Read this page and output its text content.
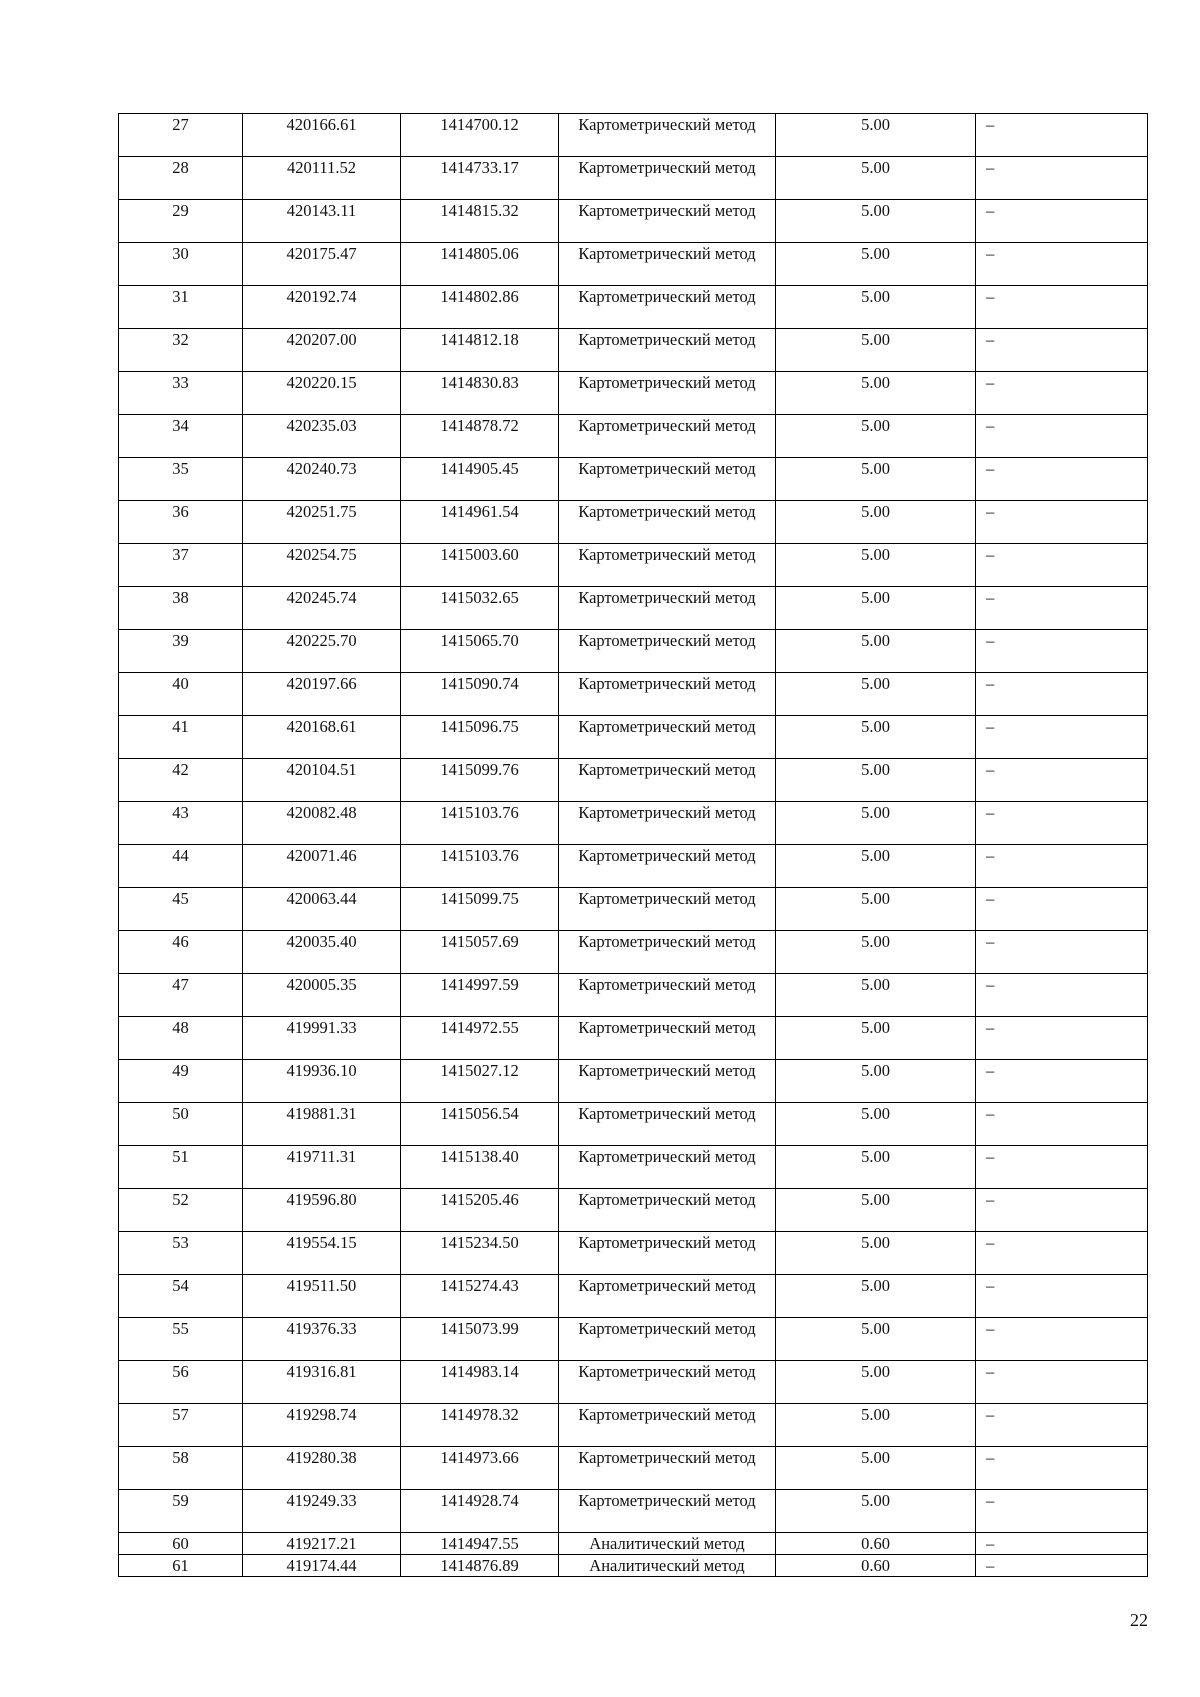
27	420166.61	1414700.12	Картометрический метод	5.00	–
28	420111.52	1414733.17	Картометрический метод	5.00	–
29	420143.11	1414815.32	Картометрический метод	5.00	–
30	420175.47	1414805.06	Картометрический метод	5.00	–
31	420192.74	1414802.86	Картометрический метод	5.00	–
32	420207.00	1414812.18	Картометрический метод	5.00	–
33	420220.15	1414830.83	Картометрический метод	5.00	–
34	420235.03	1414878.72	Картометрический метод	5.00	–
35	420240.73	1414905.45	Картометрический метод	5.00	–
36	420251.75	1414961.54	Картометрический метод	5.00	–
37	420254.75	1415003.60	Картометрический метод	5.00	–
38	420245.74	1415032.65	Картометрический метод	5.00	–
39	420225.70	1415065.70	Картометрический метод	5.00	–
40	420197.66	1415090.74	Картометрический метод	5.00	–
41	420168.61	1415096.75	Картометрический метод	5.00	–
42	420104.51	1415099.76	Картометрический метод	5.00	–
43	420082.48	1415103.76	Картометрический метод	5.00	–
44	420071.46	1415103.76	Картометрический метод	5.00	–
45	420063.44	1415099.75	Картометрический метод	5.00	–
46	420035.40	1415057.69	Картометрический метод	5.00	–
47	420005.35	1414997.59	Картометрический метод	5.00	–
48	419991.33	1414972.55	Картометрический метод	5.00	–
49	419936.10	1415027.12	Картометрический метод	5.00	–
50	419881.31	1415056.54	Картометрический метод	5.00	–
51	419711.31	1415138.40	Картометрический метод	5.00	–
52	419596.80	1415205.46	Картометрический метод	5.00	–
53	419554.15	1415234.50	Картометрический метод	5.00	–
54	419511.50	1415274.43	Картометрический метод	5.00	–
55	419376.33	1415073.99	Картометрический метод	5.00	–
56	419316.81	1414983.14	Картометрический метод	5.00	–
57	419298.74	1414978.32	Картометрический метод	5.00	–
58	419280.38	1414973.66	Картометрический метод	5.00	–
59	419249.33	1414928.74	Картометрический метод	5.00	–
60	419217.21	1414947.55	Аналитический метод	0.60	–
61	419174.44	1414876.89	Аналитический метод	0.60	–
22
